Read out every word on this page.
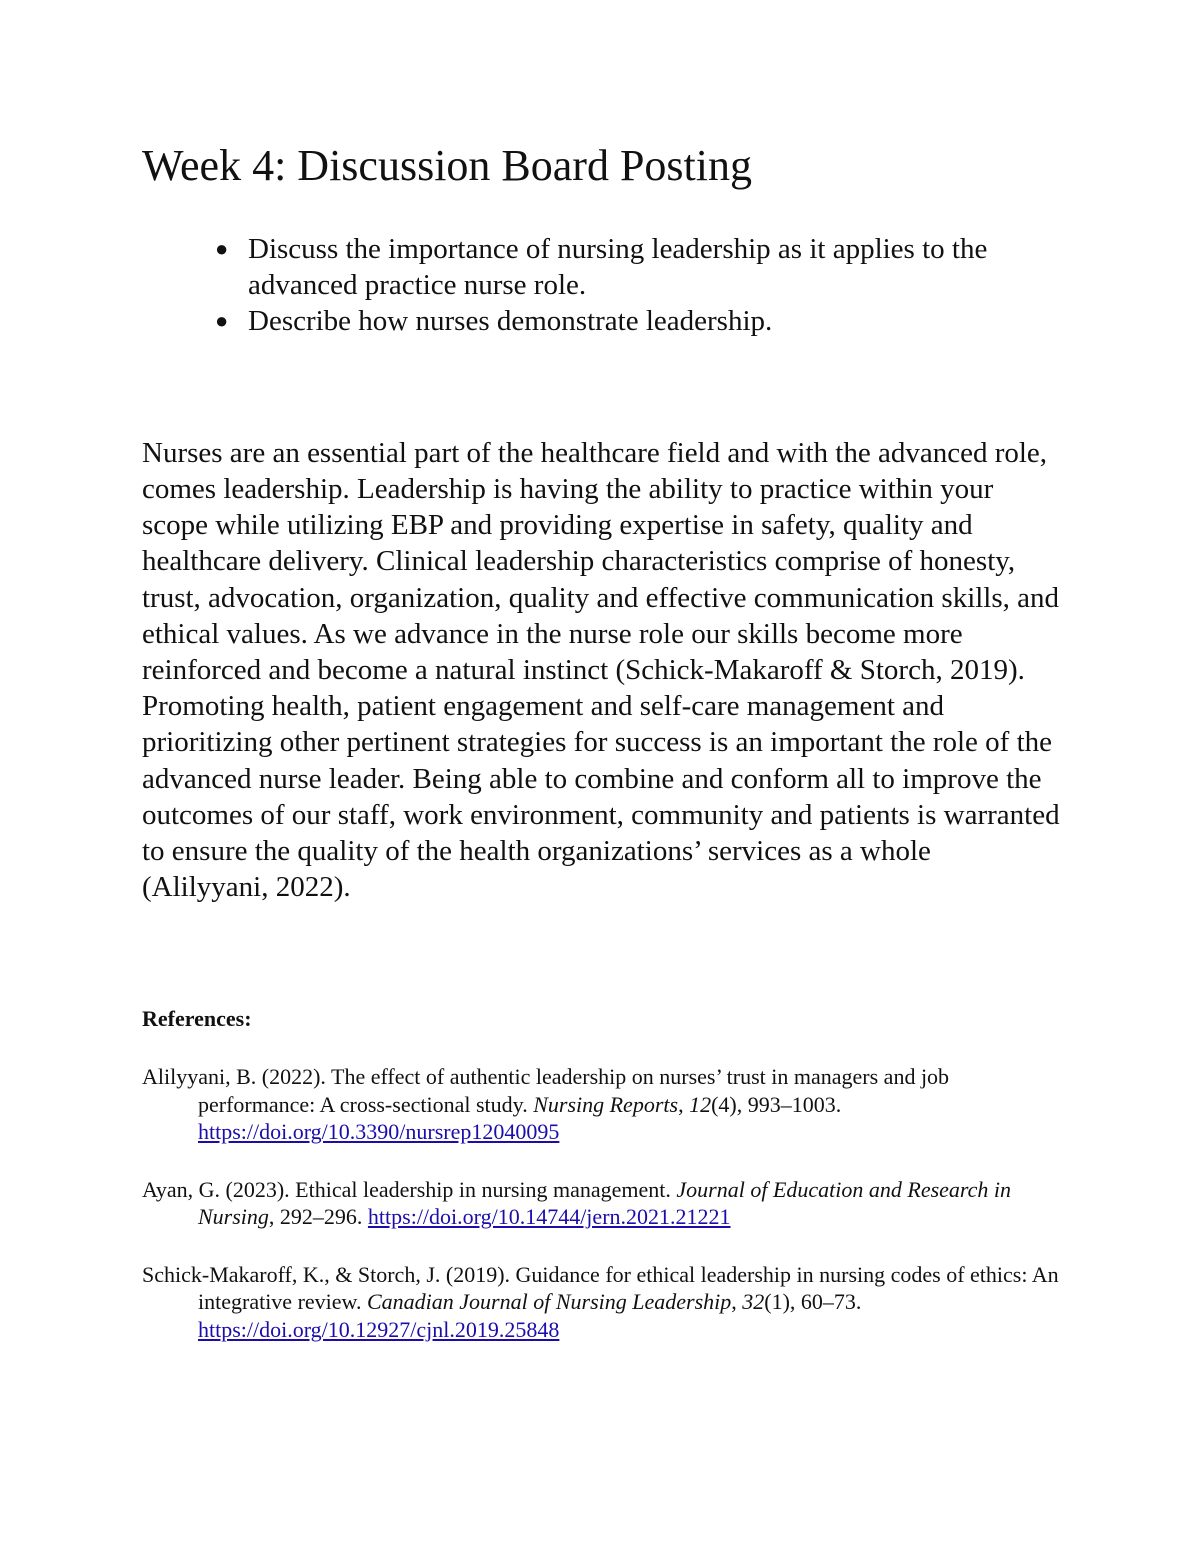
Week 4: Discussion Board Posting
● Discuss the importance of nursing leadership as it applies to the advanced practice nurse role.
● Describe how nurses demonstrate leadership.

Nurses are an essential part of the healthcare field and with the advanced role, comes leadership. Leadership is having the ability to practice within your scope while utilizing EBP and providing expertise in safety, quality and healthcare delivery. Clinical leadership characteristics comprise of honesty, trust, advocation, organization, quality and effective communication skills, and ethical values. As we advance in the nurse role our skills become more reinforced and become a natural instinct (Schick-Makaroff & Storch, 2019). Promoting health, patient engagement and self-care management and prioritizing other pertinent strategies for success is an important the role of the advanced nurse leader. Being able to combine and conform all to improve the outcomes of our staff, work environment, community and patients is warranted to ensure the quality of the health organizations’ services as a whole (Alilyyani, 2022).

References:

Alilyyani, B. (2022). The effect of authentic leadership on nurses’ trust in managers and job performance: A cross-sectional study. Nursing Reports, 12(4), 993–1003. https://doi.org/10.3390/nursrep12040095

Ayan, G. (2023). Ethical leadership in nursing management. Journal of Education and Research in Nursing, 292–296. https://doi.org/10.14744/jern.2021.21221

Schick-Makaroff, K., & Storch, J. (2019). Guidance for ethical leadership in nursing codes of ethics: An integrative review. Canadian Journal of Nursing Leadership, 32(1), 60–73. https://doi.org/10.12927/cjnl.2019.25848
